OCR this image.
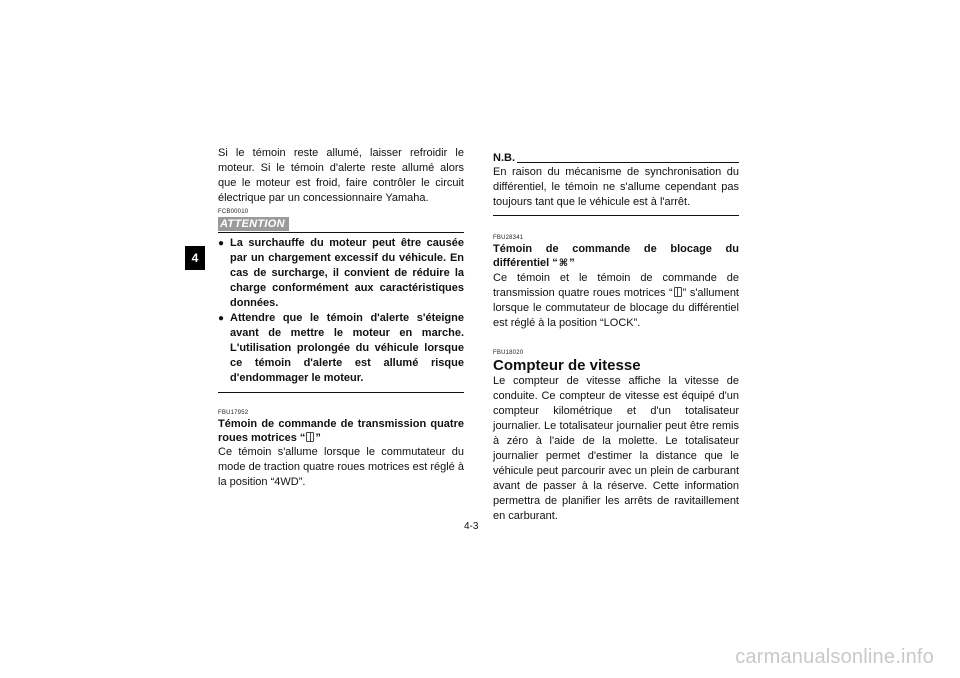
4

Si le témoin reste allumé, laisser refroidir le moteur. Si le témoin d'alerte reste allumé alors que le moteur est froid, faire contrôler le circuit électrique par un concessionnaire Yamaha.

FCB00010
ATTENTION
● La surchauffe du moteur peut être causée par un chargement excessif du véhicule. En cas de surcharge, il convient de réduire la charge conformément aux caractéristiques données.
● Attendre que le témoin d'alerte s'éteigne avant de mettre le moteur en marche. L'utilisation prolongée du véhicule lorsque ce témoin d'alerte est allumé risque d'endommager le moteur.
FBU17952

Témoin de commande de transmission quatre roues motrices “ ”

Ce témoin s'allume lorsque le commutateur du mode de traction quatre roues motrices est réglé à la position “4WD”.

N.B.

En raison du mécanisme de synchronisation du différentiel, le témoin ne s'allume cependant pas toujours tant que le véhicule est à l'arrêt.

FBU28341

Témoin de commande de blocage du différentiel “⌘”

Ce témoin et le témoin de commande de transmission quatre roues motrices “ ” s'allument lorsque le commutateur de blocage du différentiel est réglé à la position “LOCK”.

FBU18020

Compteur de vitesse

Le compteur de vitesse affiche la vitesse de conduite. Ce compteur de vitesse est équipé d'un compteur kilométrique et d'un totalisateur journalier. Le totalisateur journalier peut être remis à zéro à l'aide de la molette. Le totalisateur journalier permet d'estimer la distance que le véhicule peut parcourir avec un plein de carburant avant de passer à la réserve. Cette information permettra de planifier les arrêts de ravitaillement en carburant.

4-3
carmanualsonline.info
